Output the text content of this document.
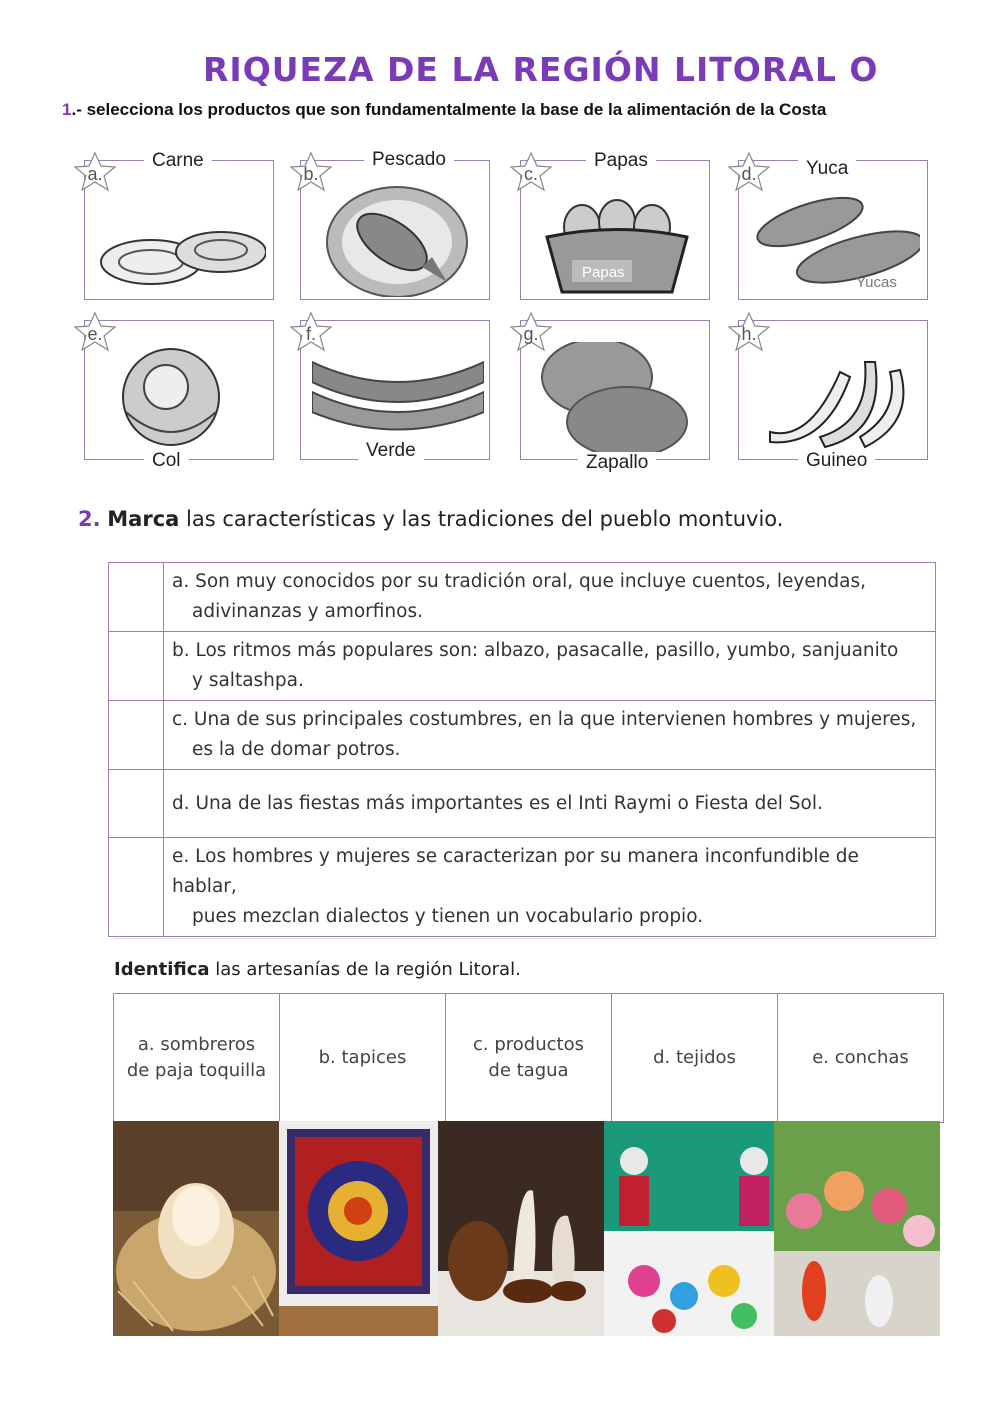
RIQUEZA DE LA REGIÓN LITORAL O
1.- selecciona los productos que son fundamentalmente la base de la alimentación de la Costa
a.
Carne
b.
Pescado
Papas
c.
Papas
Yucas
d.	Yuca
e.
Col
f.
Verde
g.
Zapallo
h.
Guineo
2. Marca las características y las tradiciones del pueblo montuvio.

	a. Son muy conocidos por su tradición oral, que incluye cuentos, leyendas,
adivinanzas y amorfinos.

	b. Los ritmos más populares son: albazo, pasacalle, pasillo, yumbo, sanjuanito
y saltashpa.

	c. Una de sus principales costumbres, en la que intervienen hombres y mujeres,
es la de domar potros.

	d. Una de las fiestas más importantes es el Inti Raymi o Fiesta del Sol.

	e. Los hombres y mujeres se caracterizan por su manera inconfundible de hablar,
pues mezclan dialectos y tienen un vocabulario propio.
Identifica las artesanías de la región Litoral.
a. sombreros
de paja toquilla

b. tapices

c. productos
de tagua

d. tejidos	e. conchas
